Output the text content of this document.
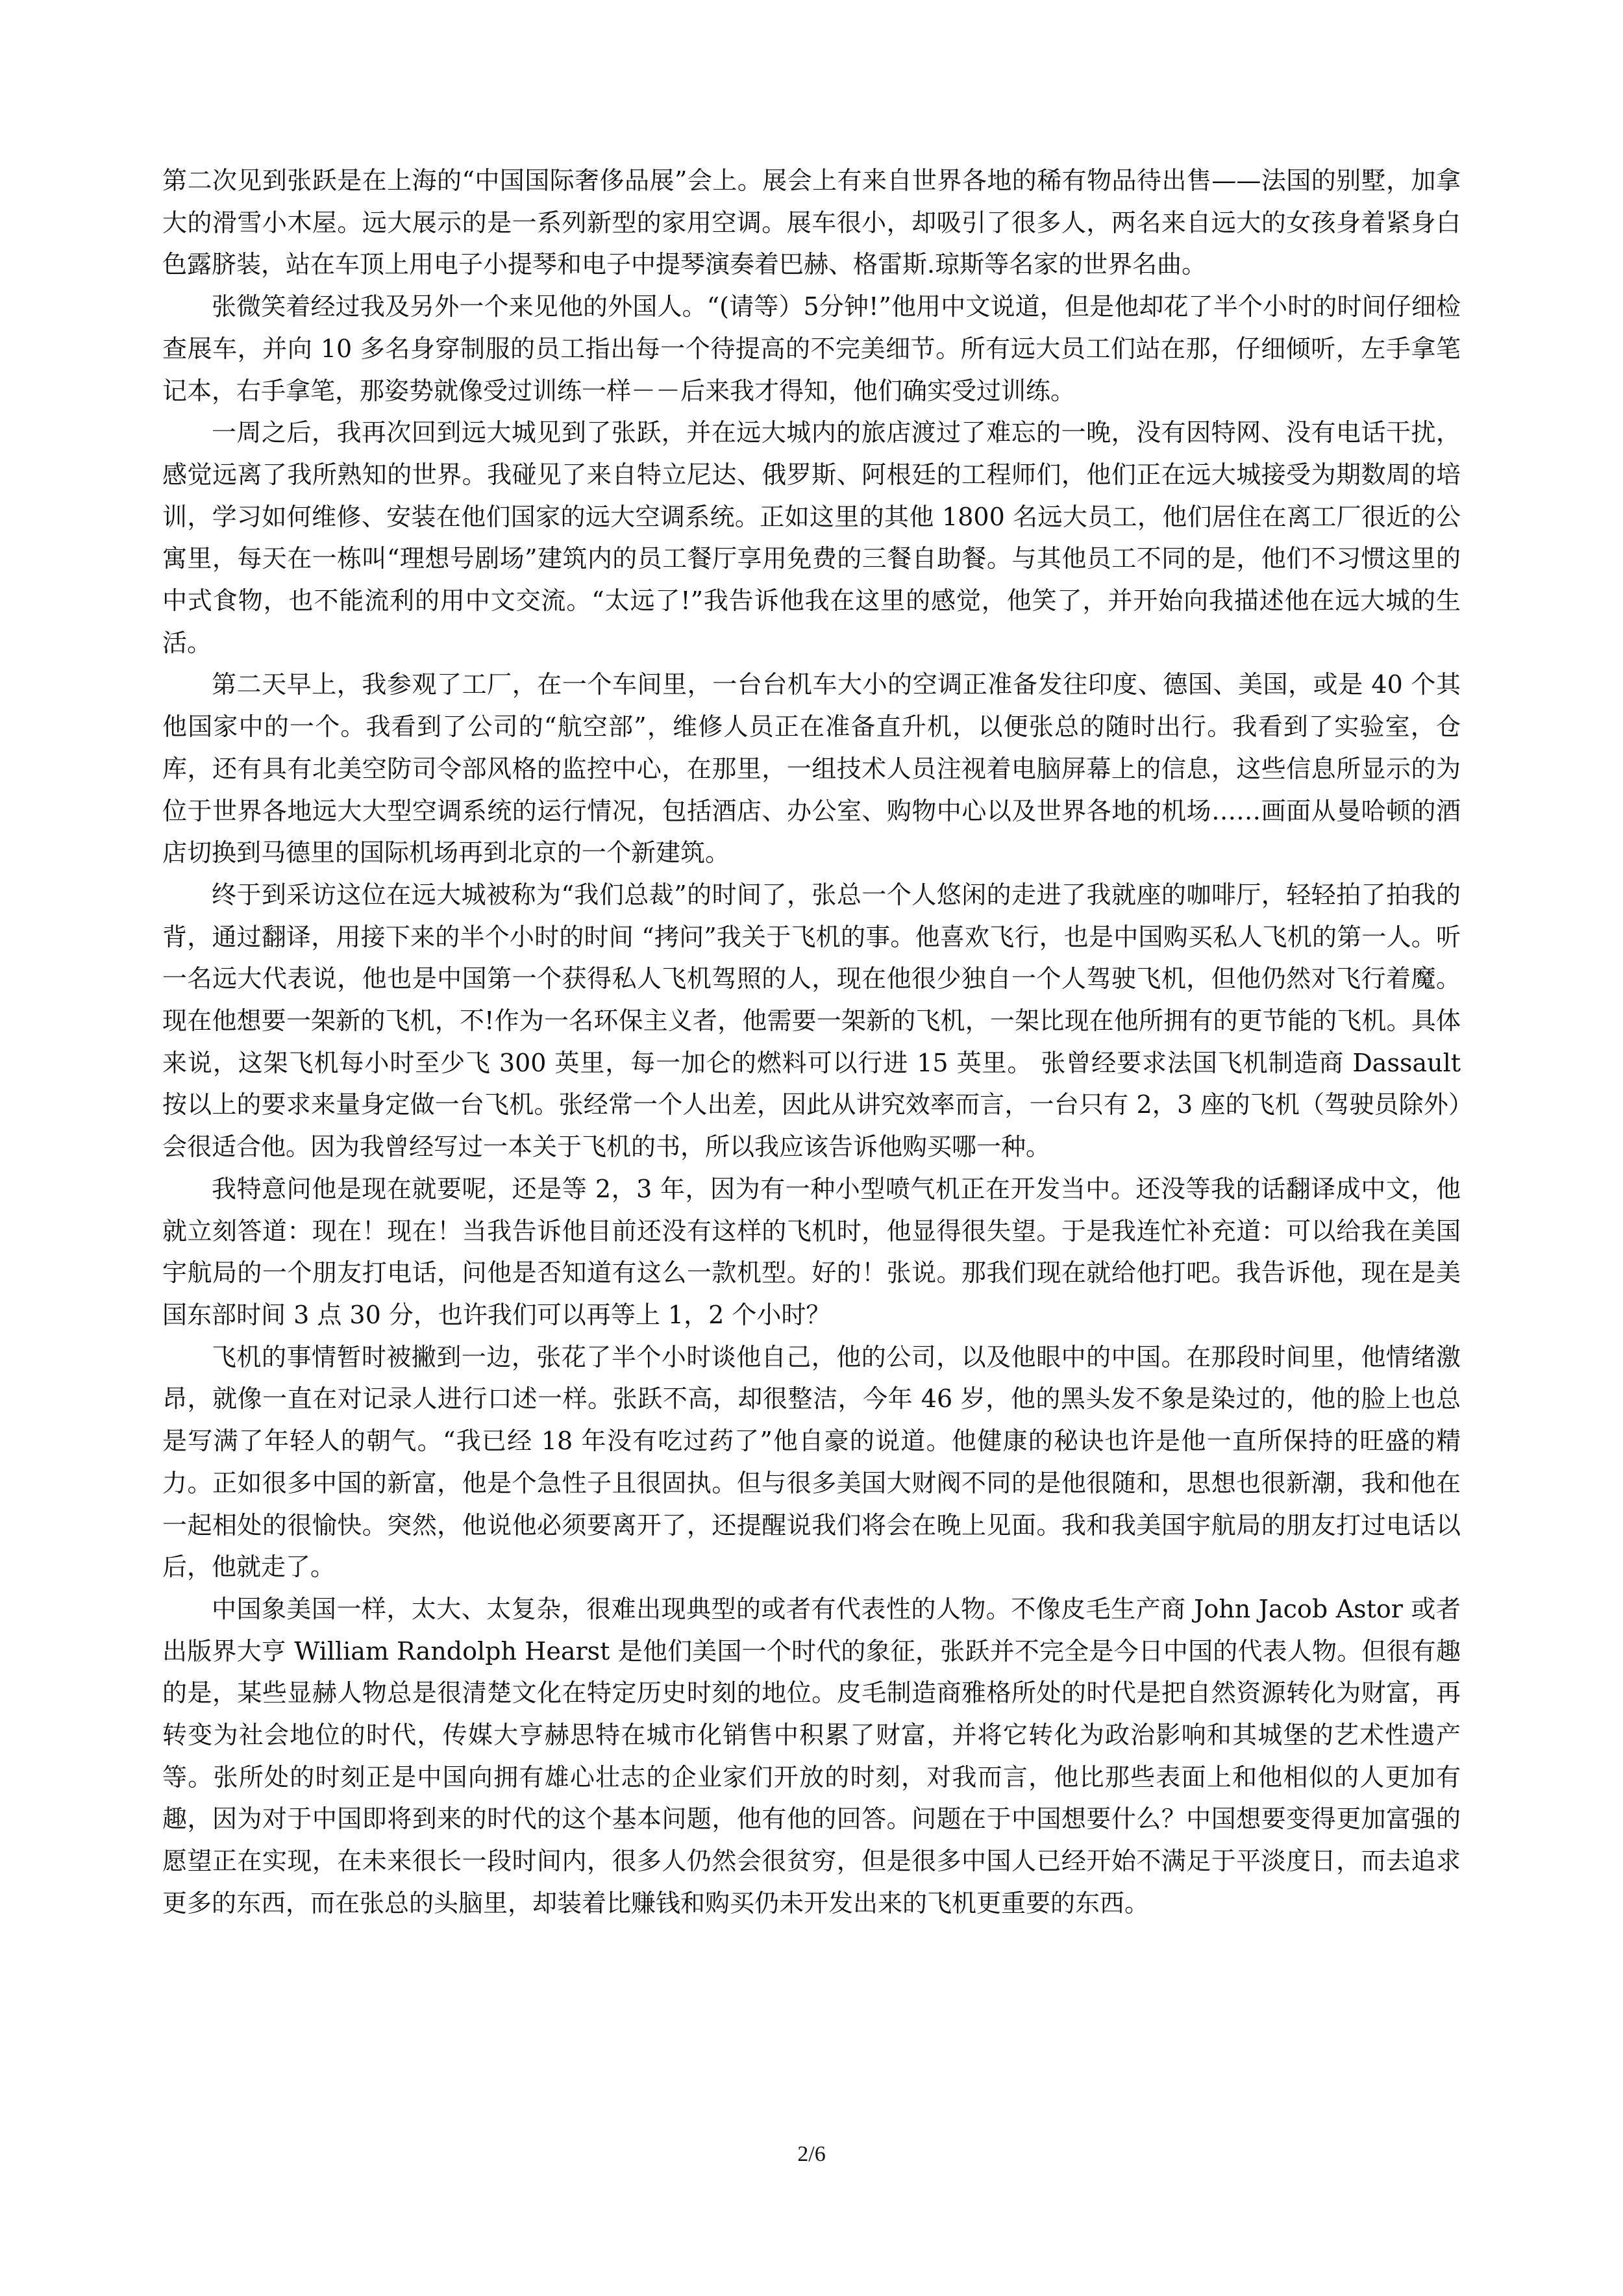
第二次见到张跃是在上海的“中国国际奢侈品展”会上。展会上有来自世界各地的稀有物品待出售——法国的别墅，加拿大的滑雪小木屋。远大展示的是一系列新型的家用空调。展车很小，却吸引了很多人，两名来自远大的女孩身着紧身白色露脐装，站在车顶上用电子小提琴和电子中提琴演奏着巴赫、格雷斯.琼斯等名家的世界名曲。

张微笑着经过我及另外一个来见他的外国人。“(请等）5分钟!”他用中文说道，但是他却花了半个小时的时间仔细检查展车，并向 10 多名身穿制服的员工指出每一个待提高的不完美细节。所有远大员工们站在那，仔细倾听，左手拿笔记本，右手拿笔，那姿势就像受过训练一样－－后来我才得知，他们确实受过训练。

一周之后，我再次回到远大城见到了张跃，并在远大城内的旅店渡过了难忘的一晚，没有因特网、没有电话干扰，感觉远离了我所熟知的世界。我碰见了来自特立尼达、俄罗斯、阿根廷的工程师们，他们正在远大城接受为期数周的培训，学习如何维修、安装在他们国家的远大空调系统。正如这里的其他 1800 名远大员工，他们居住在离工厂很近的公寓里，每天在一栋叫“理想号剧场”建筑内的员工餐厅享用免费的三餐自助餐。与其他员工不同的是，他们不习惯这里的中式食物，也不能流利的用中文交流。“太远了!”我告诉他我在这里的感觉，他笑了，并开始向我描述他在远大城的生活。

第二天早上，我参观了工厂，在一个车间里，一台台机车大小的空调正准备发往印度、德国、美国，或是 40 个其他国家中的一个。我看到了公司的“航空部”，维修人员正在准备直升机，以便张总的随时出行。我看到了实验室，仓库，还有具有北美空防司令部风格的监控中心，在那里，一组技术人员注视着电脑屏幕上的信息，这些信息所显示的为位于世界各地远大大型空调系统的运行情况，包括酒店、办公室、购物中心以及世界各地的机场……画面从曼哈顿的酒店切换到马德里的国际机场再到北京的一个新建筑。

终于到采访这位在远大城被称为“我们总裁”的时间了，张总一个人悠闲的走进了我就座的咖啡厅，轻轻拍了拍我的背，通过翻译，用接下来的半个小时的时间 “拷问”我关于飞机的事。他喜欢飞行，也是中国购买私人飞机的第一人。听一名远大代表说，他也是中国第一个获得私人飞机驾照的人，现在他很少独自一个人驾驶飞机，但他仍然对飞行着魔。现在他想要一架新的飞机，不!作为一名环保主义者，他需要一架新的飞机，一架比现在他所拥有的更节能的飞机。具体来说，这架飞机每小时至少飞 300 英里，每一加仑的燃料可以行进 15 英里。 张曾经要求法国飞机制造商 Dassault 按以上的要求来量身定做一台飞机。张经常一个人出差，因此从讲究效率而言，一台只有 2，3 座的飞机（驾驶员除外）会很适合他。因为我曾经写过一本关于飞机的书，所以我应该告诉他购买哪一种。

我特意问他是现在就要呢，还是等 2，3 年，因为有一种小型喷气机正在开发当中。还没等我的话翻译成中文，他就立刻答道：现在！现在！当我告诉他目前还没有这样的飞机时，他显得很失望。于是我连忙补充道：可以给我在美国宇航局的一个朋友打电话，问他是否知道有这么一款机型。好的！张说。那我们现在就给他打吧。我告诉他，现在是美国东部时间 3 点 30 分，也许我们可以再等上 1，2 个小时？

飞机的事情暂时被撇到一边，张花了半个小时谈他自己，他的公司，以及他眼中的中国。在那段时间里，他情绪激昂，就像一直在对记录人进行口述一样。张跃不高，却很整洁，今年 46 岁，他的黑头发不象是染过的，他的脸上也总是写满了年轻人的朝气。“我已经 18 年没有吃过药了”他自豪的说道。他健康的秘诀也许是他一直所保持的旺盛的精力。正如很多中国的新富，他是个急性子且很固执。但与很多美国大财阀不同的是他很随和，思想也很新潮，我和他在一起相处的很愉快。突然，他说他必须要离开了，还提醒说我们将会在晚上见面。我和我美国宇航局的朋友打过电话以后，他就走了。

中国象美国一样，太大、太复杂，很难出现典型的或者有代表性的人物。不像皮毛生产商 John Jacob Astor 或者出版界大亨 William Randolph Hearst 是他们美国一个时代的象征，张跃并不完全是今日中国的代表人物。但很有趣的是，某些显赫人物总是很清楚文化在特定历史时刻的地位。皮毛制造商雅格所处的时代是把自然资源转化为财富，再转变为社会地位的时代，传媒大亨赫思特在城市化销售中积累了财富，并将它转化为政治影响和其城堡的艺术性遗产等。张所处的时刻正是中国向拥有雄心壮志的企业家们开放的时刻，对我而言，他比那些表面上和他相似的人更加有趣，因为对于中国即将到来的时代的这个基本问题，他有他的回答。问题在于中国想要什么？中国想要变得更加富强的愿望正在实现，在未来很长一段时间内，很多人仍然会很贫穷，但是很多中国人已经开始不满足于平淡度日，而去追求更多的东西，而在张总的头脑里，却装着比赚钱和购买仍未开发出来的飞机更重要的东西。

2/6
